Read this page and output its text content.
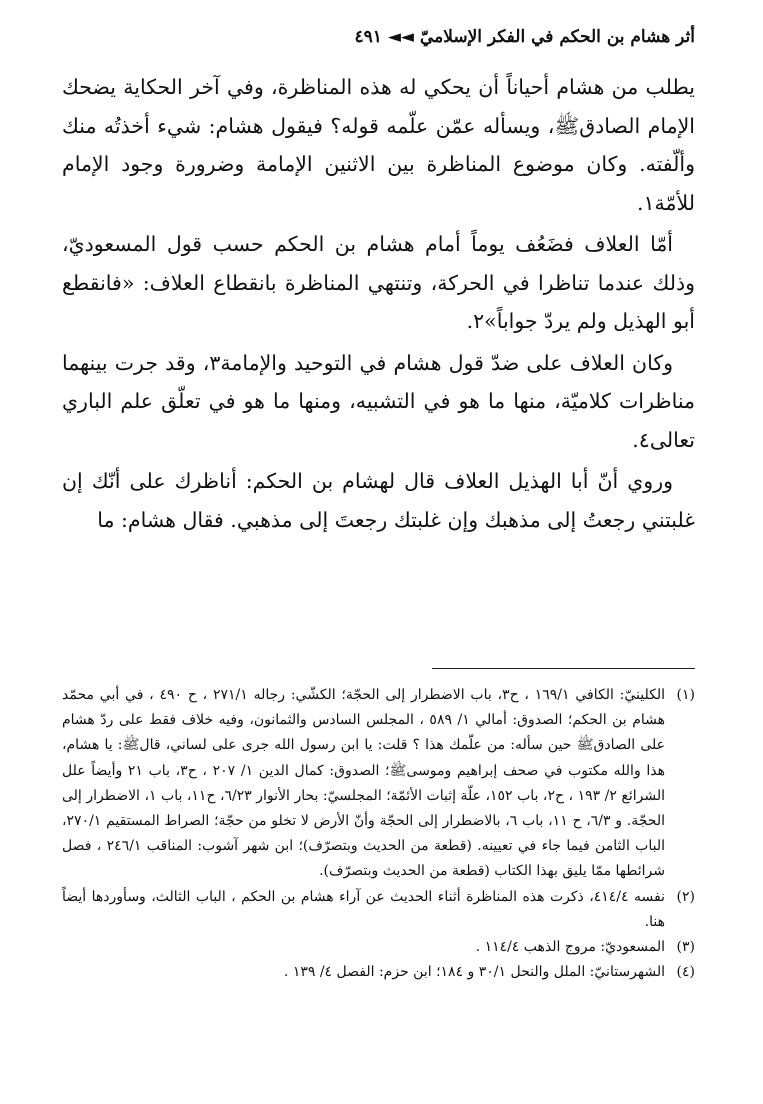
أثر هشام بن الحكم في الفكر الإسلاميّ ◄◄ ٤٩١

يطلب من هشام أحياناً أن يحكي له هذه المناظرة، وفي آخر الحكاية يضحك الإمام الصادقﷺ، ويسأله عمّن علّمه قوله؟ فيقول هشام: شيء أخذتُه منك وألّفته. وكان موضوع المناظرة بين الاثنين الإمامة وضرورة وجود الإمام للأمّة١.

أمّا العلاف فضَعُف يوماً أمام هشام بن الحكم حسب قول المسعوديّ، وذلك عندما تناظرا في الحركة، وتنتهي المناظرة بانقطاع العلاف: «فانقطع أبو الهذيل ولم يردّ جواباً»٢.

وكان العلاف على ضدّ قول هشام في التوحيد والإمامة٣، وقد جرت بينهما مناظرات كلاميّة، منها ما هو في التشبيه، ومنها ما هو في تعلّق علم الباري تعالى٤.

وروي أنّ أبا الهذيل العلاف قال لهشام بن الحكم: أناظرك على أنّك إن غلبتني رجعتُ إلى مذهبك وإن غلبتك رجعتَ إلى مذهبي. فقال هشام: ما

(١)الكلينيّ: الكافي ١٦٩/١ ، ح٣، باب الاضطرار إلى الحجّة؛ الكشّي: رجاله ٢٧١/١ ، ح ٤٩٠ ، في أبي محمّد هشام بن الحكم؛ الصدوق: أمالي ١/ ٥٨٩ ، المجلس السادس والثمانون، وفيه خلاف فقط على ردّ هشام على الصادقﷺ حين سأله: من علّمك هذا ؟ قلت: يا ابن رسول الله جرى على لساني، قالﷺ: يا هشام، هذا والله مكتوب في صحف إبراهيم وموسىﷺ؛ الصدوق: كمال الدين ١/ ٢٠٧ ، ح٣، باب ٢١ وأيضاً علل الشرائع ٢/ ١٩٣ ، ح٢، باب ١٥٢، علّة إثبات الأئمّة؛ المجلسيّ: بحار الأنوار ٦/٢٣، ح١١، باب ١، الاضطرار إلى الحجّة. و ٦/٣، ح ١١، باب ٦، بالاضطرار إلى الحجّة وأنّ الأرض لا تخلو من حجّة؛ الصراط المستقيم ٢٧٠/١، الباب الثامن فيما جاء في تعيينه. (قطعة من الحديث وبتصرّف)؛ ابن شهر آشوب: المناقب ٢٤٦/١ ، فصل شرائطها ممّا يليق بهذا الكتاب (قطعة من الحديث وبتصرّف).

(٢)نفسه ٤١٤/٤، ذكرت هذه المناظرة أثناء الحديث عن آراء هشام بن الحكم ، الباب الثالث، وسأوردها أيضاً هنا.

(٣)المسعوديّ: مروج الذهب ١١٤/٤ .

(٤)الشهرستانيّ: الملل والنحل ٣٠/١ و ١٨٤؛ ابن حزم: الفصل ٤/ ١٣٩ .
